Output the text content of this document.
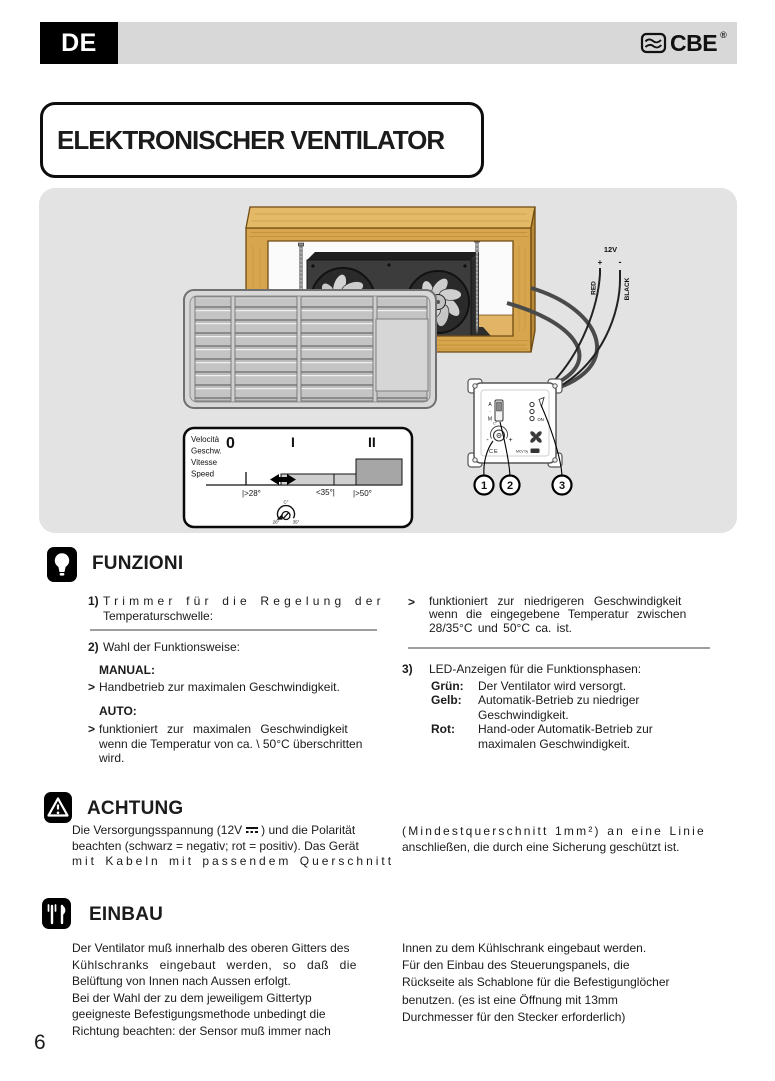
DE	CBE ®
ELEKTRONISCHER VENTILATOR
12V
+ -
RED	BLACK
Velocità
Geschw.
Vitesse
Speed
0	I	II
|>28°	<35°| |>50°
C°
28°	35°
A
·
M
C°
-	+
ON
CE	MCV by
1 2	3
FUNZIONI
1) Trimmer für die Regelung der
Temperaturschwelle:
2) Wahl der Funktionsweise:
MANUAL:
> Handbetrieb zur maximalen Geschwindigkeit.
AUTO:
> funktioniert zur maximalen Geschwindigkeit
wenn die Temperatur von ca. \ 50°C überschritten
wird.
>	funktioniert zur niedrigeren Geschwindigkeit
wenn die eingegebene Temperatur zwischen
28/35°C und 50°C ca. ist.
3)	LED-Anzeigen für die Funktionsphasen:
Grün:	Der Ventilator wird versorgt.
Gelb:	Automatik-Betrieb zu niedriger
Geschwindigkeit.
Rot:	Hand-oder Automatik-Betrieb zur
maximalen Geschwindigkeit.
ACHTUNG
Die Versorgungsspannung (12V ) und die Polarität
beachten (schwarz = negativ; rot = positiv). Das Gerät
mit Kabeln mit passendem Querschnitt
(Mindestquerschnitt 1mm²) an eine Linie
anschließen, die durch eine Sicherung geschützt ist.
EINBAU
Der Ventilator muß innerhalb des oberen Gitters des
Kühlschranks eingebaut werden, so daß die
Belüftung von Innen nach Aussen erfolgt.
Bei der Wahl der zu dem jeweiligem Gittertyp
geeigneste Befestigungsmethode unbedingt die
Richtung beachten: der Sensor muß immer nach
Innen zu dem Kühlschrank eingebaut werden.
Für den Einbau des Steuerungspanels, die
Rückseite als Schablone für die Befestigunglöcher
benutzen. (es ist eine Öffnung mit 13mm
Durchmesser für den Stecker erforderlich)
6
